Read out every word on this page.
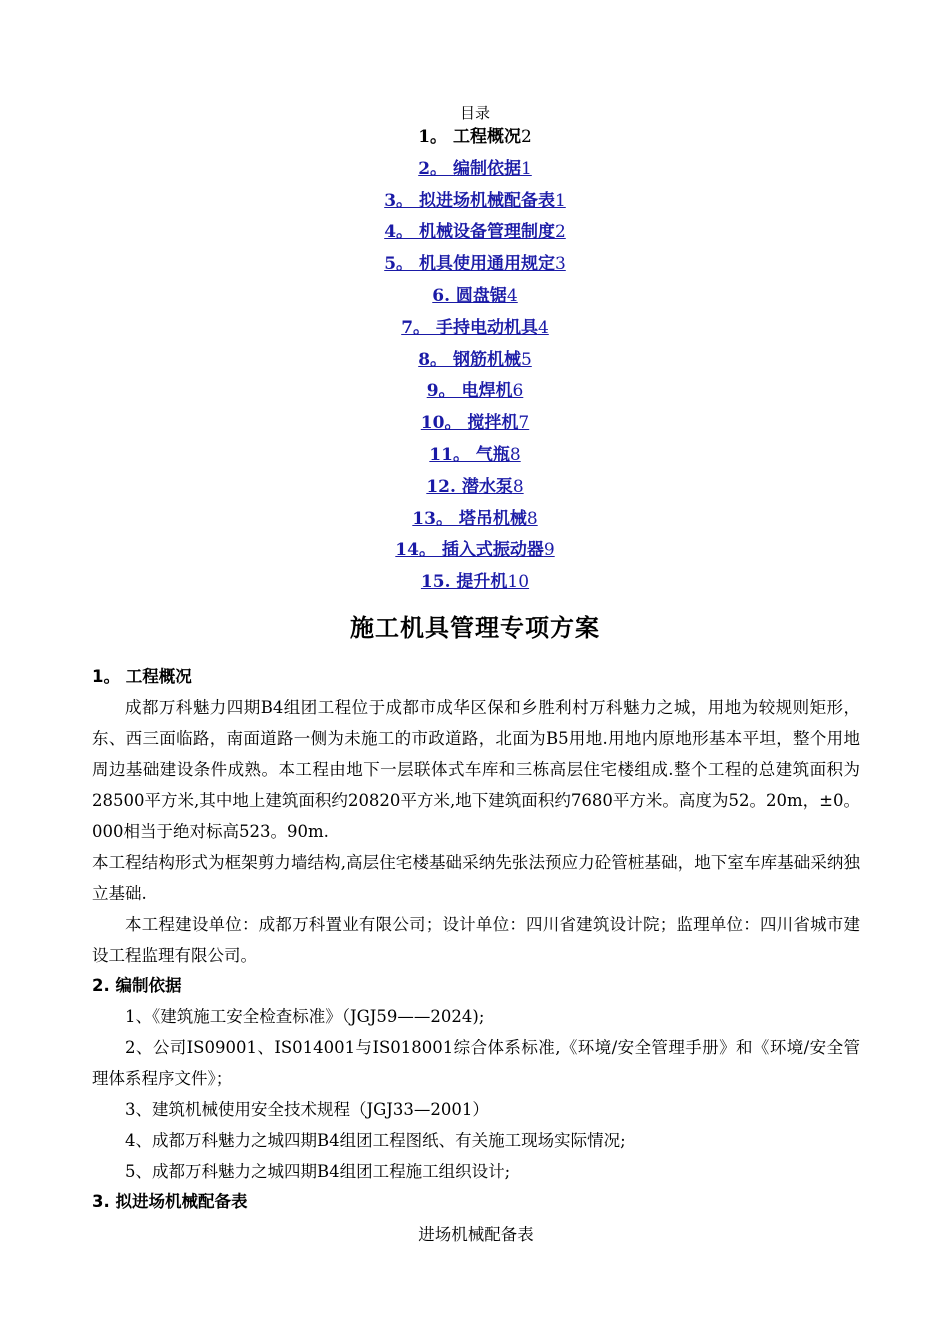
目录
1。 工程概况2
2。 编制依据1
3。 拟进场机械配备表1
4。 机械设备管理制度2
5。 机具使用通用规定3
6. 圆盘锯4
7。 手持电动机具4
8。 钢筋机械5
9。 电焊机6
10。 搅拌机7
11。 气瓶8
12. 潜水泵8
13。 塔吊机械8
14。 插入式振动器9
15. 提升机10
施工机具管理专项方案
1。 工程概况
成都万科魅力四期B4组团工程位于成都市成华区保和乡胜利村万科魅力之城，用地为较规则矩形，东、西三面临路，南面道路一侧为未施工的市政道路，北面为B5用地.用地内原地形基本平坦，整个用地周边基础建设条件成熟。本工程由地下一层联体式车库和三栋高层住宅楼组成.整个工程的总建筑面积为28500平方米,其中地上建筑面积约20820平方米,地下建筑面积约7680平方米。高度为52。20m，±0。000相当于绝对标高523。90m.
本工程结构形式为框架剪力墙结构,高层住宅楼基础采纳先张法预应力砼管桩基础，地下室车库基础采纳独立基础.
本工程建设单位：成都万科置业有限公司；设计单位：四川省建筑设计院；监理单位：四川省城市建设工程监理有限公司。
2. 编制依据
1、《建筑施工安全检查标准》（JGJ59——2024);
2、公司IS09001、IS014001与IS018001综合体系标准,《环境/安全管理手册》和《环境/安全管理体系程序文件》；
3、建筑机械使用安全技术规程（JGJ33—2001）
4、成都万科魅力之城四期B4组团工程图纸、有关施工现场实际情况;
5、成都万科魅力之城四期B4组团工程施工组织设计;
3. 拟进场机械配备表
进场机械配备表
